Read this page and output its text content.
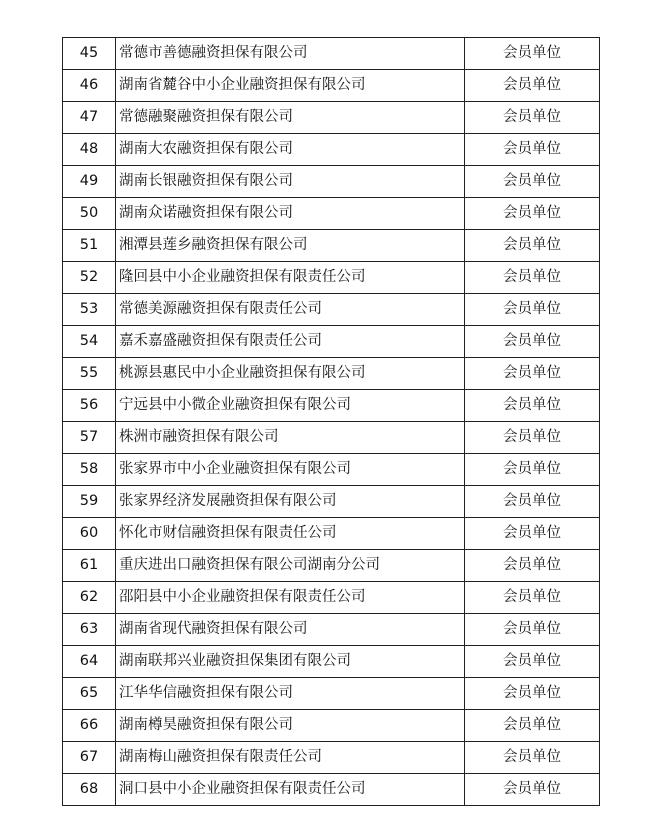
45	常德市善德融资担保有限公司	会员单位
46	湖南省麓谷中小企业融资担保有限公司	会员单位
47	常德融聚融资担保有限公司	会员单位
48	湖南大农融资担保有限公司	会员单位
49	湖南长银融资担保有限公司	会员单位
50	湖南众诺融资担保有限公司	会员单位
51	湘潭县莲乡融资担保有限公司	会员单位
52	隆回县中小企业融资担保有限责任公司	会员单位
53	常德美源融资担保有限责任公司	会员单位
54	嘉禾嘉盛融资担保有限责任公司	会员单位
55	桃源县惠民中小企业融资担保有限公司	会员单位
56	宁远县中小微企业融资担保有限公司	会员单位
57	株洲市融资担保有限公司	会员单位
58	张家界市中小企业融资担保有限公司	会员单位
59	张家界经济发展融资担保有限公司	会员单位
60	怀化市财信融资担保有限责任公司	会员单位
61	重庆进出口融资担保有限公司湖南分公司	会员单位
62	邵阳县中小企业融资担保有限责任公司	会员单位
63	湖南省现代融资担保有限公司	会员单位
64	湖南联邦兴业融资担保集团有限公司	会员单位
65	江华华信融资担保有限公司	会员单位
66	湖南樽昊融资担保有限公司	会员单位
67	湖南梅山融资担保有限责任公司	会员单位
68	洞口县中小企业融资担保有限责任公司	会员单位
